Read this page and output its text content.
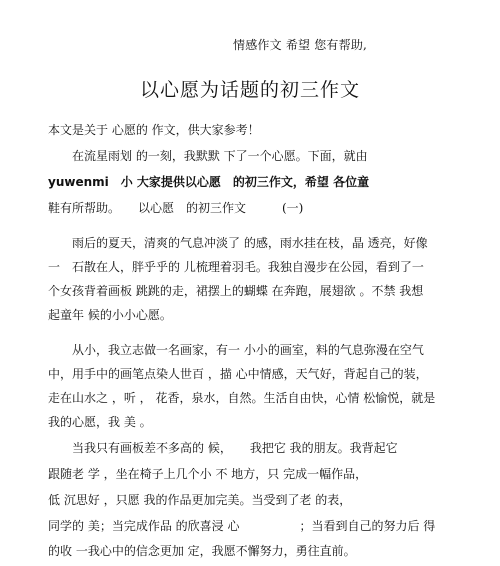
情感作文 希望 您有帮助,
以心愿为话题的初三作文
本文是关于 心愿的 作文，供大家参考！
　　在流星雨划 的一刻，我默默 下了一个心愿。下面，就由
yuwenmi　小 大家提供以心愿　的初三作文，希望 各位童
鞋有所帮助。　　以心愿　的初三作文　　　(一)
　　雨后的夏天，清爽的气息冲淡了 的感，雨水挂在枝，晶 透亮，好像
一　石散在人，胖乎乎的 儿梳理着羽毛。我独自漫步在公园，看到了一
个女孩背着画板 跳跳的走，裙摆上的蝴蝶 在奔跑，展翅欲 。不禁 我想
起童年 候的小小心愿。
　　从小，我立志做一名画家，有一 小小的画室，料的气息弥漫在空气
中，用手中的画笔点染人世百 ，描 心中情感，天气好，背起自己的装，
走在山水之 ，听 ， 花香，泉水，自然。生活自由快，心情 松愉悦，就是
我的心愿，我 美 。
　　当我只有画板差不多高的 候，　　我把它 我的朋友。我背起它
跟随老 学 ，坐在椅子上几个小 不 地方，只 完成一幅作品，
低 沉思好 ，只愿 我的作品更加完美。当受到了老 的表，
同学的 美；当完成作品 的欣喜浸 心　　　　　；当看到自己的努力后 得
的收 一我心中的信念更加 定，我愿不懈努力，勇往直前。
